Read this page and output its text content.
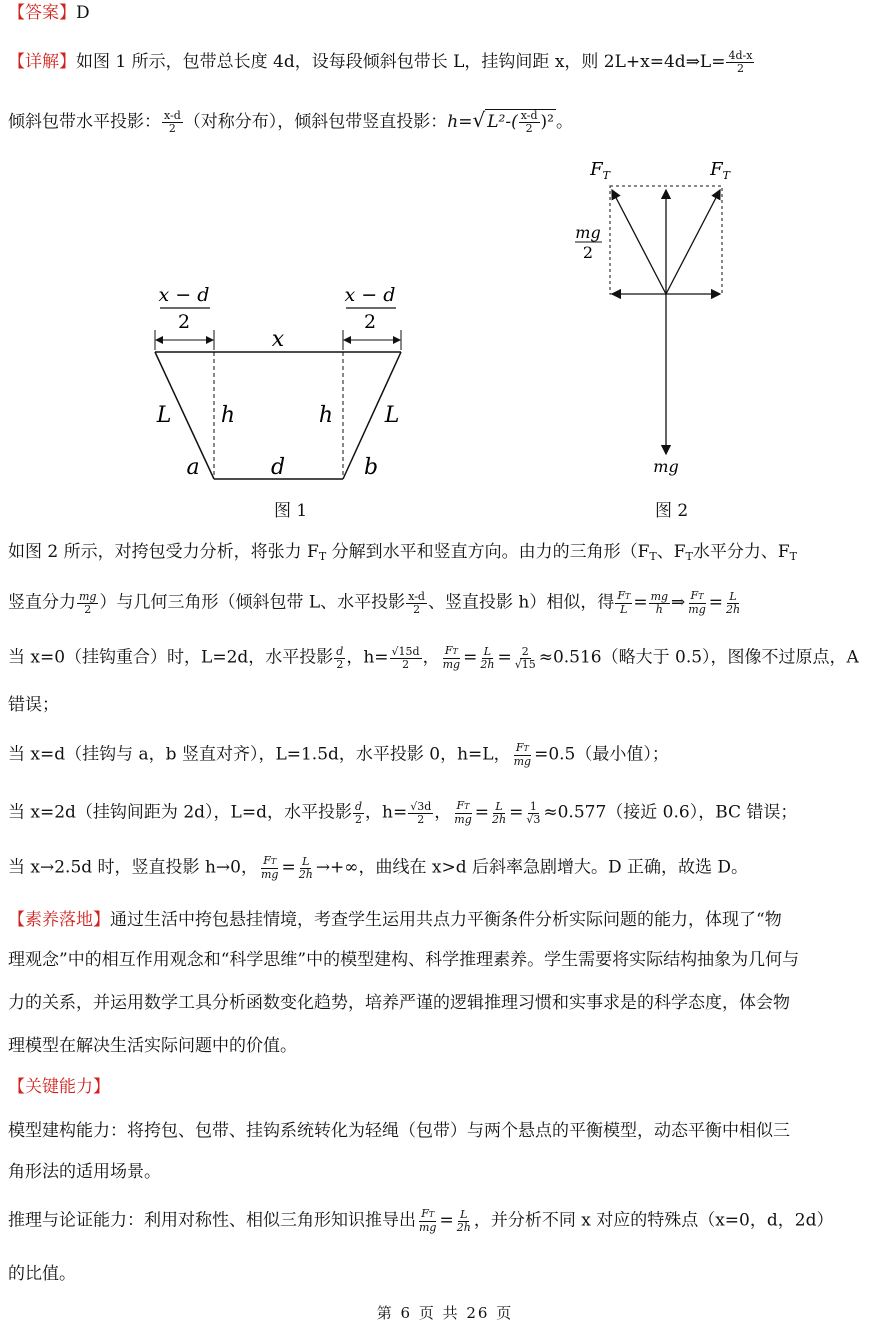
【答案】D
【详解】如图 1 所示，包带总长度 4d，设每段倾斜包带长 L，挂钩间距 x，则 2L+x=4d⇒L= $\frac{4d-x}{2}$
倾斜包带水平投影： $\frac{x-d}{2}$ （对称分布），倾斜包带竖直投影：h=√ $L^2-( \frac{x-d}{2} )^2$ 。
x − d
2
x − d
2
x
L h	h L
a	d	b
图 1
$F_T$	$F_T$
mg
2
mg
图 2
如图 2 所示，对挎包受力分析，将张力 $F_T$ 分解到水平和竖直方向。由力的三角形（$F_T$、$F_T$水平分力、$F_T$
竖直分力 $\frac{mg}{2}$ ）与几何三角形（倾斜包带 L、水平投影 $\frac{x-d}{2}$ 、竖直投影 h）相似，得 $\frac{FT}{L} = \frac{mg}{h}$ ⇒ $\frac{FT}{mg} = \frac{L}{2h}$
当 x=0（挂钩重合）时，L=2d，水平投影 $\frac{d}{2}$ ，$h= \frac{√15d}{2}$ ， $\frac{FT}{mg} = \frac{L}{2h} = \frac{2}{√15} \approx 0.516$（略大于 0.5），图像不过原点，A
错误；
当 x=d（挂钩与 a，b 竖直对齐），L=1.5d，水平投影 0，h=L， $\frac{FT}{mg} =0.5$（最小值）；
当 x=2d（挂钩间距为 2d），L=d，水平投影 $\frac{d}{2}$ ，$h= \frac{√3d}{2}$ ， $\frac{FT}{mg} = \frac{L}{2h} = \frac{1}{√3} \approx 0.577$（接近 0.6），BC 错误；
当 x→2.5d 时，竖直投影 h→0， $\frac{FT}{mg} = \frac{L}{2h}$ →+∞，曲线在 x>d 后斜率急剧增大。D 正确，故选 D。
【素养落地】通过生活中挎包悬挂情境，考查学生运用共点力平衡条件分析实际问题的能力，体现了“物
理观念”中的相互作用观念和“科学思维”中的模型建构、科学推理素养。学生需要将实际结构抽象为几何与
力的关系，并运用数学工具分析函数变化趋势，培养严谨的逻辑推理习惯和实事求是的科学态度，体会物
理模型在解决生活实际问题中的价值。
【关键能力】
模型建构能力：将挎包、包带、挂钩系统转化为轻绳（包带）与两个悬点的平衡模型，动态平衡中相似三
角形法的适用场景。
推理与论证能力：利用对称性、相似三角形知识推导出 $\frac{FT}{mg} = \frac{L}{2h}$ ，并分析不同 x 对应的特殊点（x=0，d，2d）
的比值。
第 6 页 共 26 页
